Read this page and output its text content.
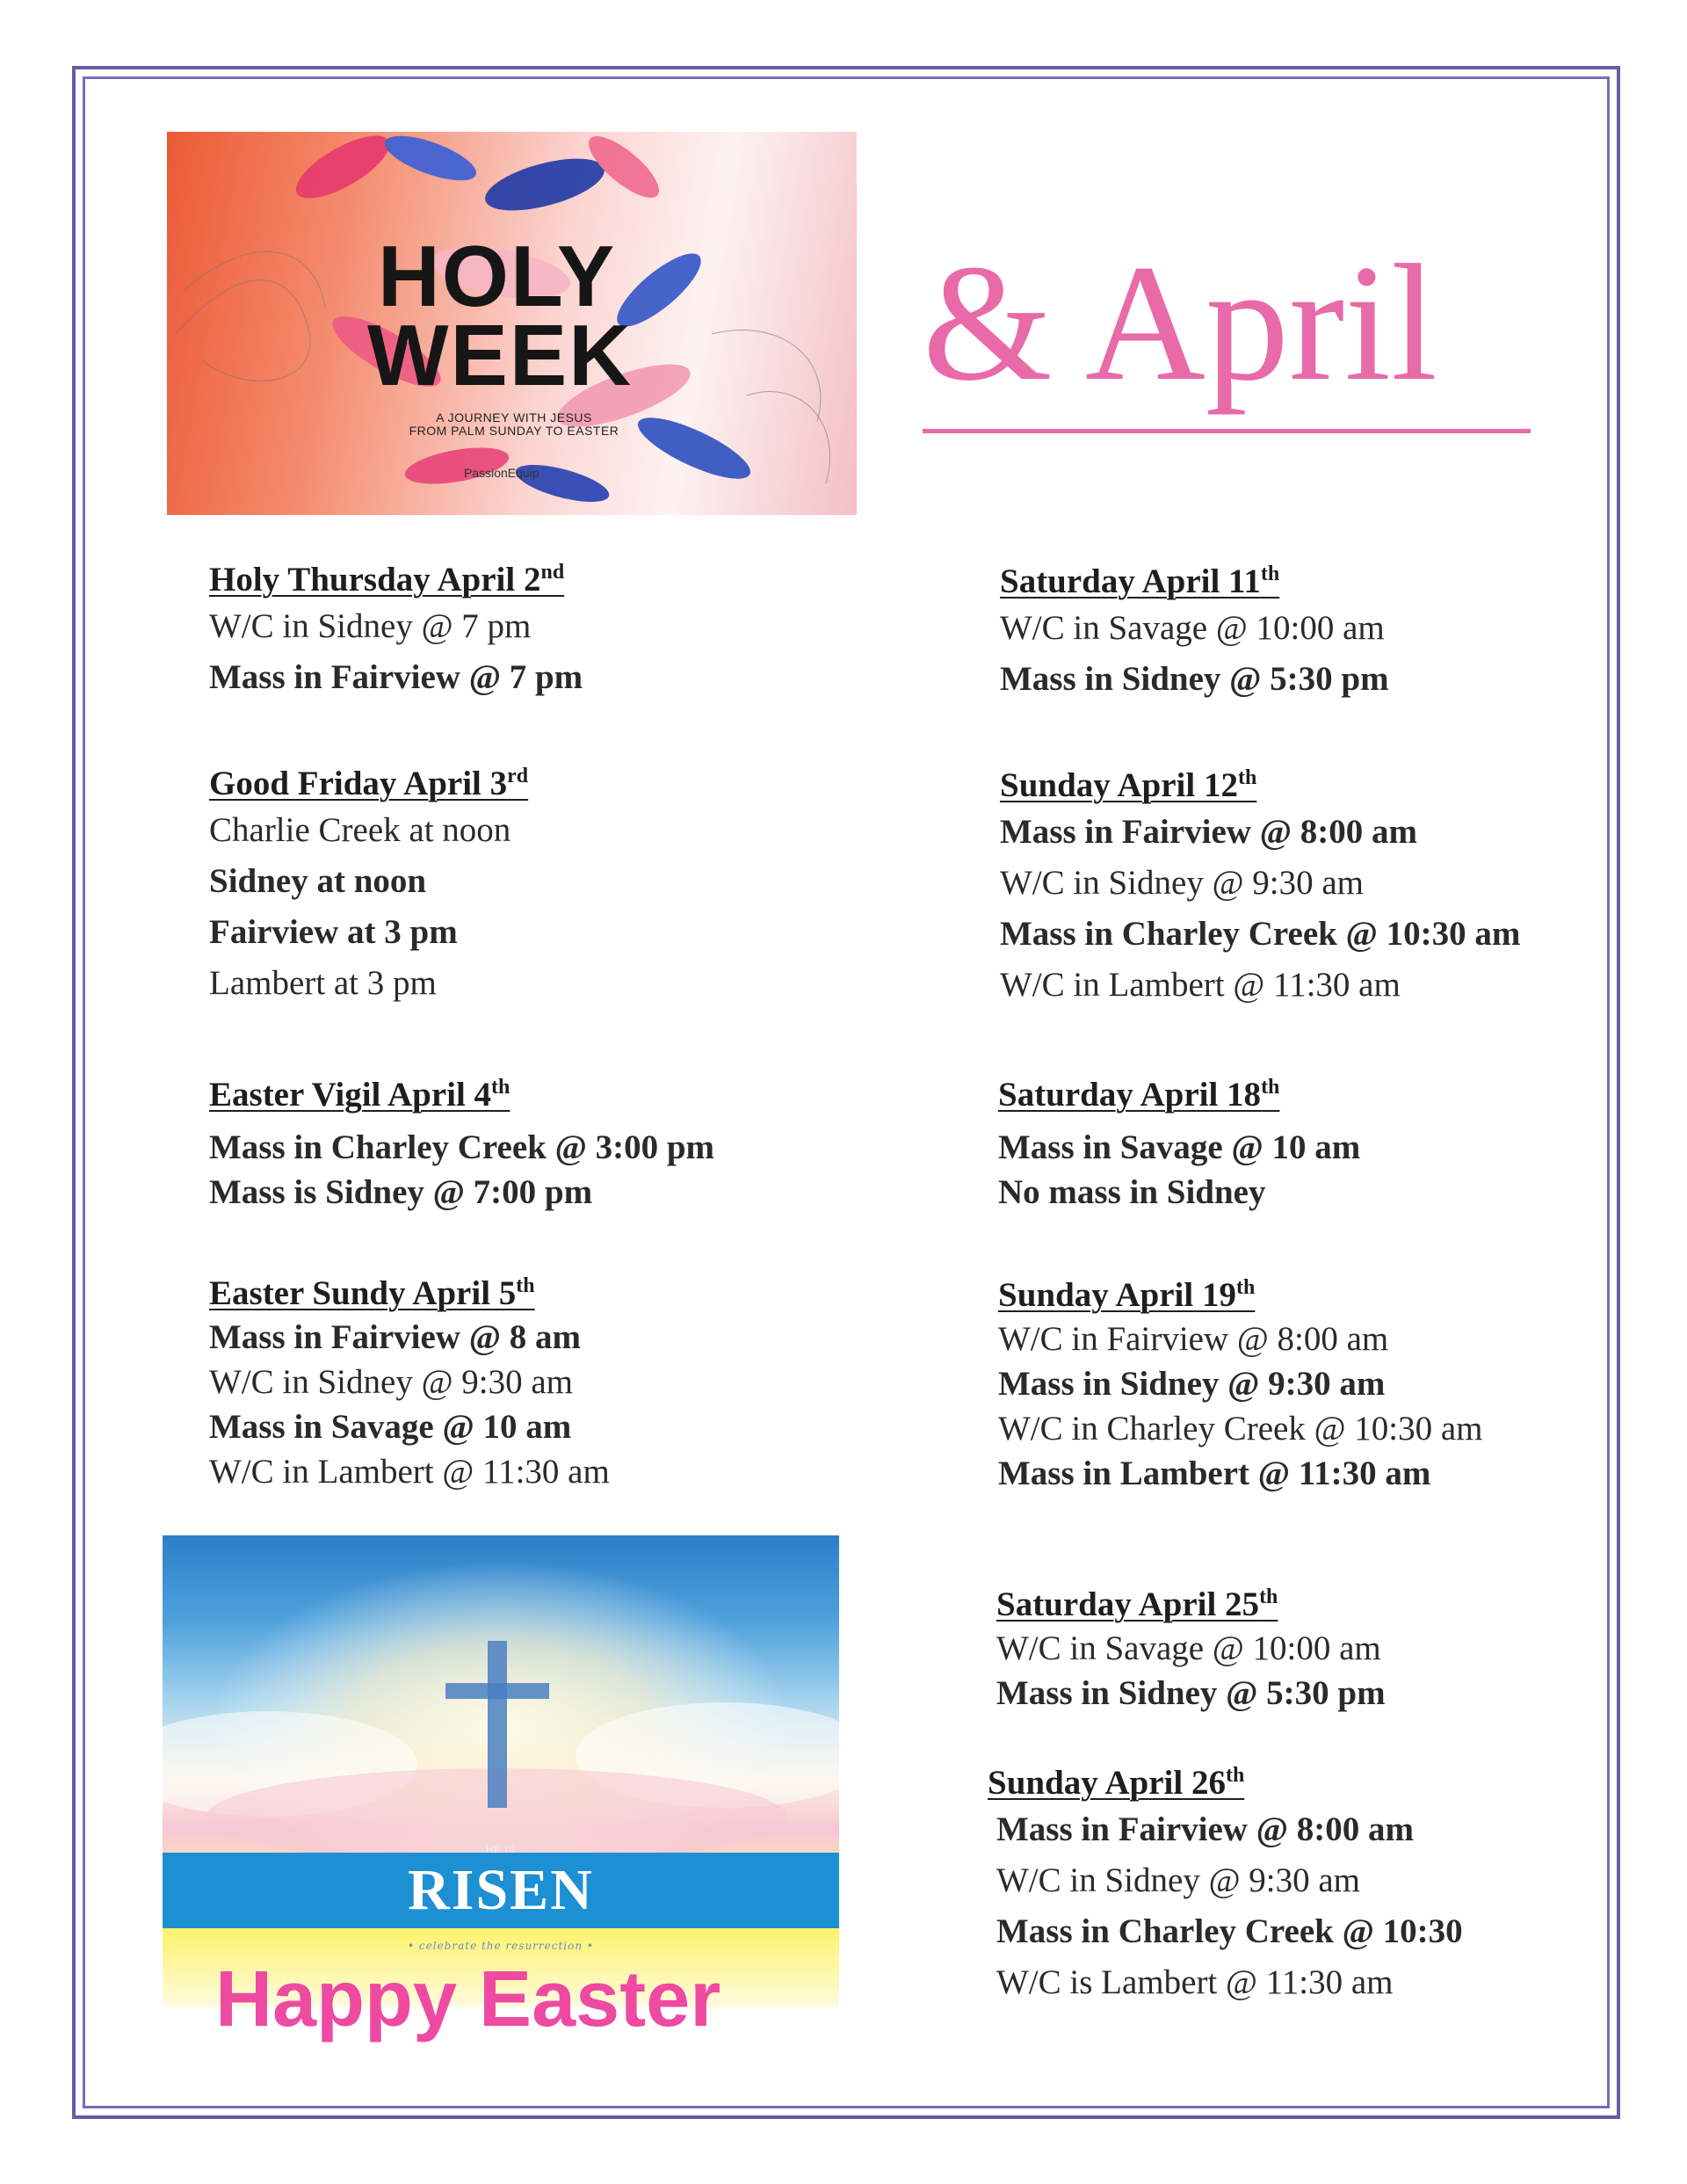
HOLY
WEEK
A JOURNEY WITH JESUS
FROM PALM SUNDAY TO EASTER
PassionEquip
& April
Holy Thursday April 2nd
W/C in Sidney @ 7 pm
Mass in Fairview @ 7 pm
Good Friday April 3rd
Charlie Creek at noon
Sidney at noon
Fairview at 3 pm
Lambert at 3 pm
Easter Vigil April 4th
Mass in Charley Creek @ 3:00 pm
Mass is Sidney @ 7:00 pm
Easter Sundy April 5th
Mass in Fairview @ 8 am
W/C in Sidney @ 9:30 am
Mass in Savage @ 10 am
W/C in Lambert @ 11:30 am
Saturday April 11th
W/C in Savage @ 10:00 am
Mass in Sidney @ 5:30 pm
Sunday April 12th
Mass in Fairview @ 8:00 am
W/C in Sidney @ 9:30 am
Mass in Charley Creek @ 10:30 am
W/C in Lambert @ 11:30 am
Saturday April 18th
Mass in Savage @ 10 am
No mass in Sidney
Sunday April 19th
W/C in Fairview @ 8:00 am
Mass in Sidney @ 9:30 am
W/C in Charley Creek @ 10:30 am
Mass in Lambert @ 11:30 am
Saturday April 25th
W/C in Savage @ 10:00 am
Mass in Sidney @ 5:30 pm
Sunday April 26th
Mass in Fairview @ 8:00 am
W/C in Sidney @ 9:30 am
Mass in Charley Creek @ 10:30
W/C is Lambert @ 11:30 am
HE IS
RISEN
• celebrate the resurrection •
Happy Easter
